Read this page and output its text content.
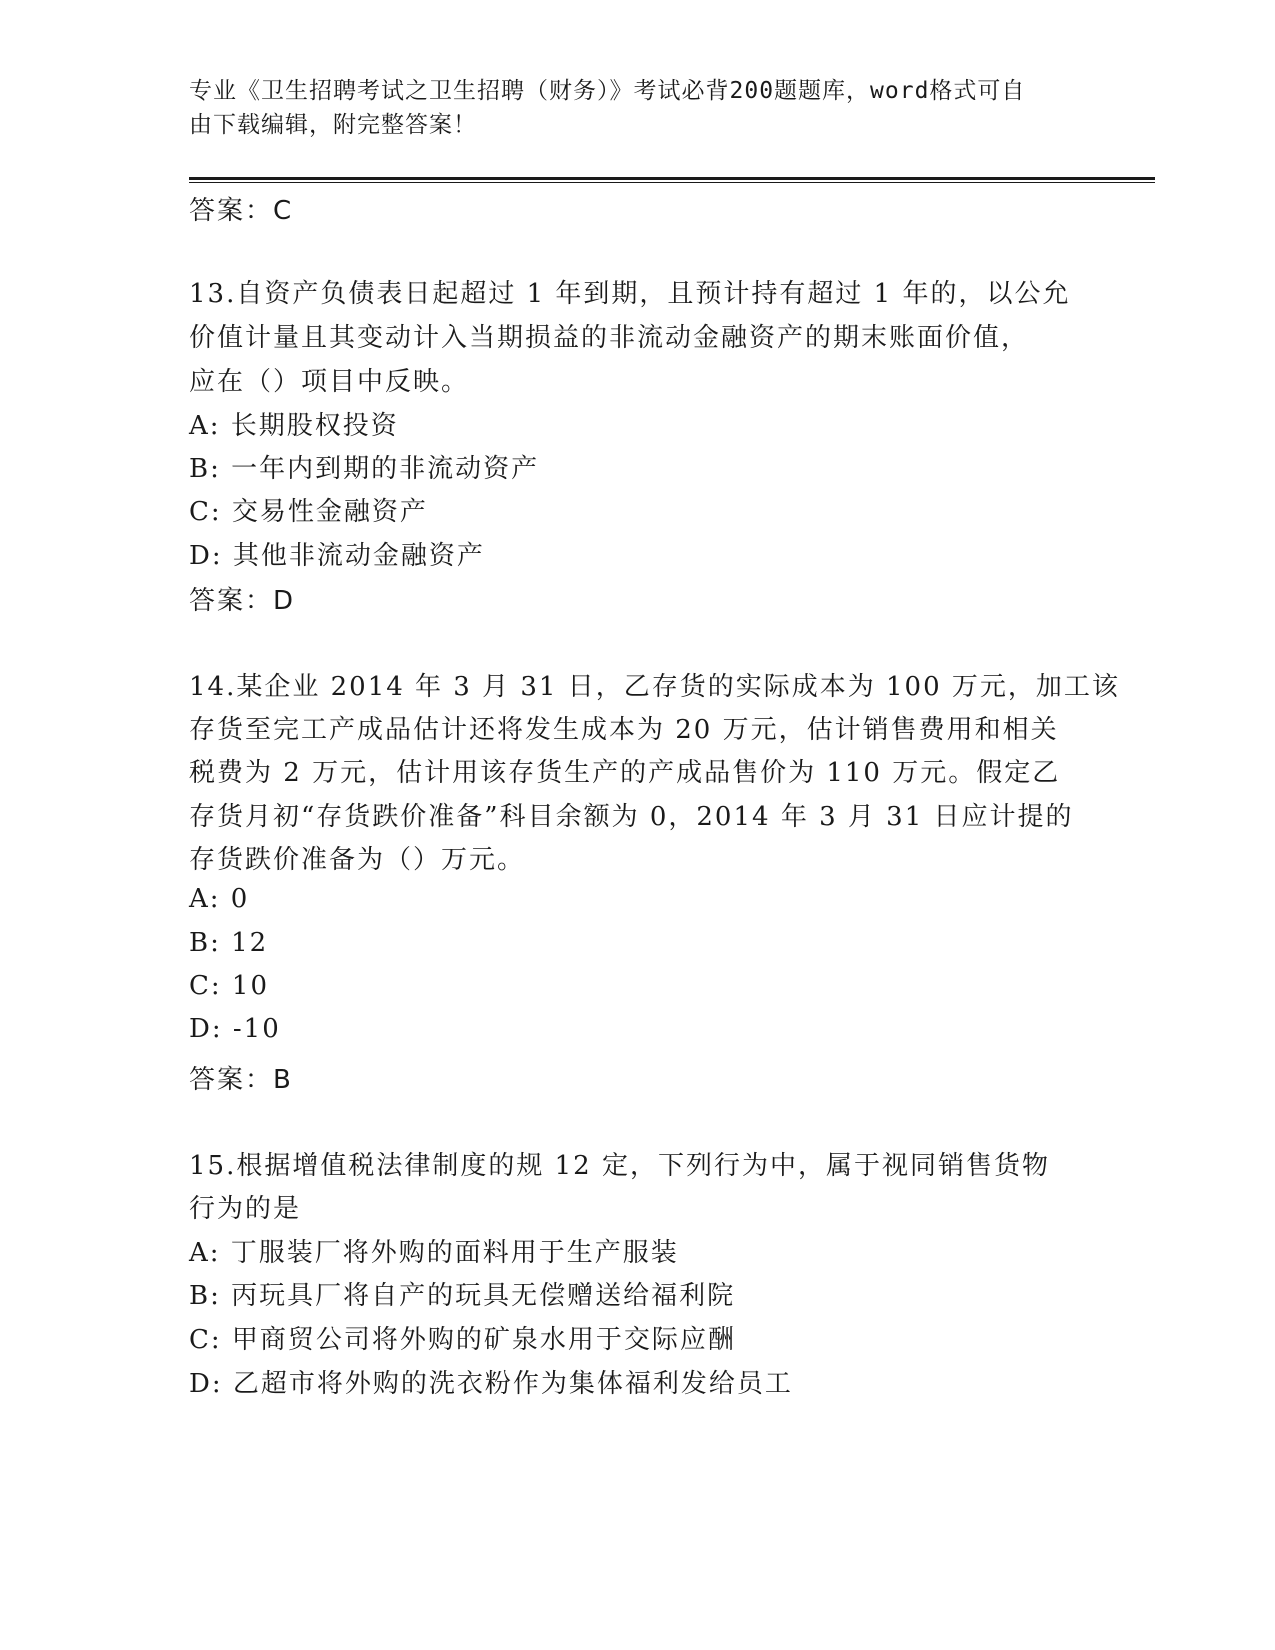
专业《卫生招聘考试之卫生招聘（财务）》考试必背200题题库，word格式可自
由下载编辑，附完整答案！
答案：C
13.自资产负债表日起超过 1 年到期，且预计持有超过 1 年的，以公允
价值计量且其变动计入当期损益的非流动金融资产的期末账面价值，
应在（）项目中反映。
A: 长期股权投资
B: 一年内到期的非流动资产
C: 交易性金融资产
D: 其他非流动金融资产
答案：D
14.某企业 2014 年 3 月 31 日，乙存货的实际成本为 100 万元，加工该
存货至完工产成品估计还将发生成本为 20 万元，估计销售费用和相关
税费为 2 万元，估计用该存货生产的产成品售价为 110 万元。假定乙
存货月初“存货跌价准备”科目余额为 0，2014 年 3 月 31 日应计提的
存货跌价准备为（）万元。
A: 0
B: 12
C: 10
D: -10
答案：B
15.根据增值税法律制度的规 12 定，下列行为中，属于视同销售货物
行为的是
A: 丁服装厂将外购的面料用于生产服装
B: 丙玩具厂将自产的玩具无偿赠送给福利院
C: 甲商贸公司将外购的矿泉水用于交际应酬
D: 乙超市将外购的洗衣粉作为集体福利发给员工
